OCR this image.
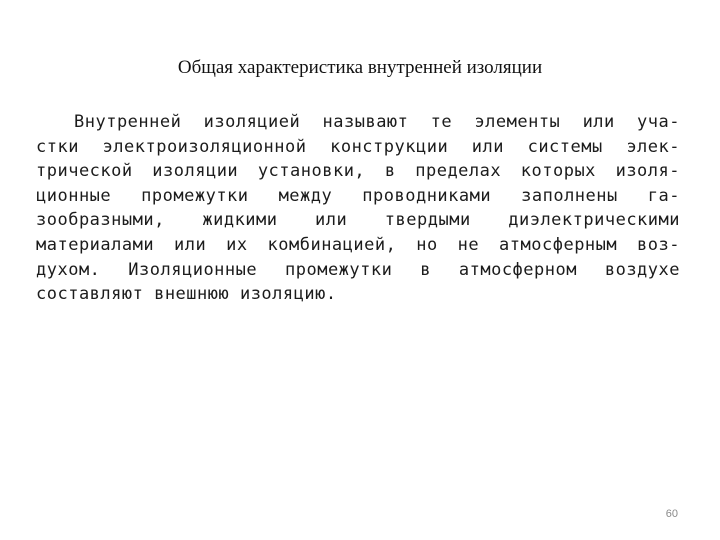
Общая характеристика внутренней изоляции
Внутренней изоляцией называют те элементы или уча-
стки электроизоляционной конструкции или системы элек-
трической изоляции установки, в пределах которых изоля-
ционные промежутки между проводниками заполнены га-
зообразными, жидкими или твердыми диэлектрическими
материалами или их комбинацией, но не атмосферным воз-
духом. Изоляционные промежутки в атмосферном воздухе
составляют внешнюю изоляцию.
60
